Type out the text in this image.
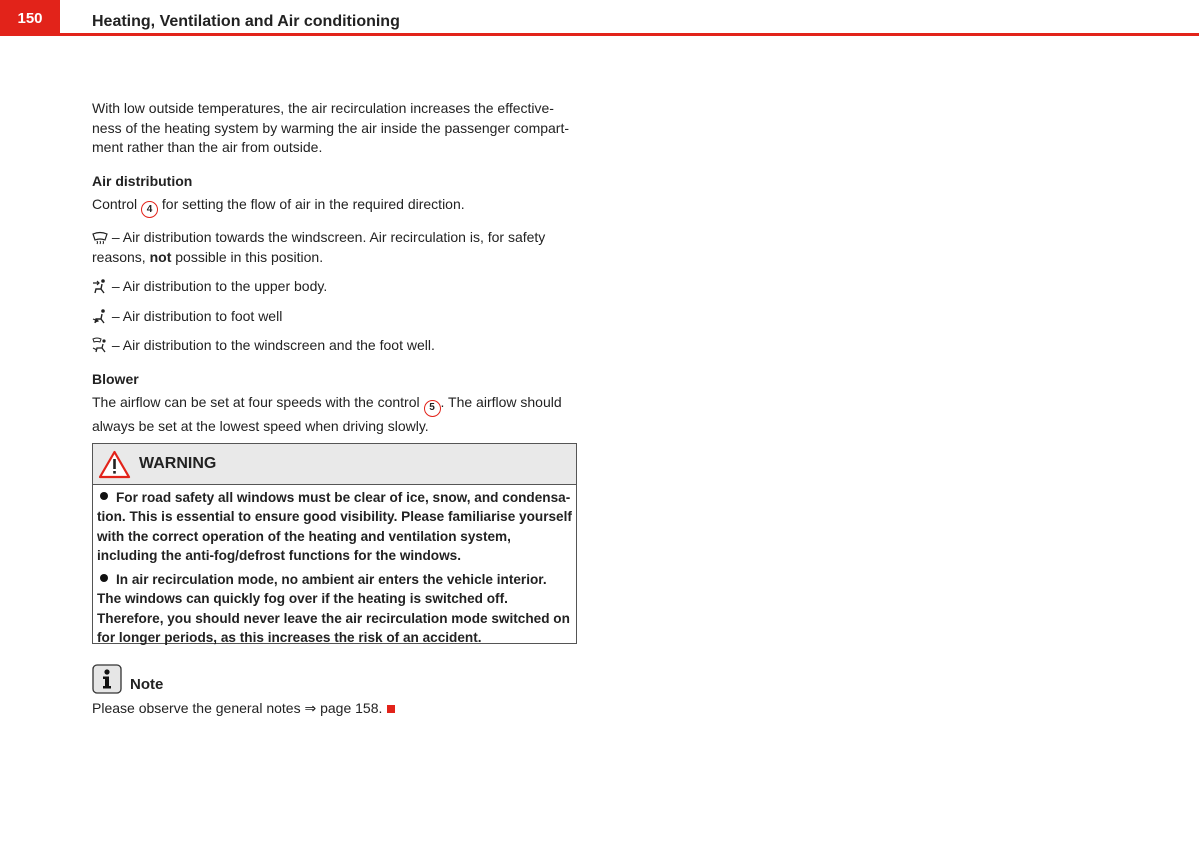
150	Heating, Ventilation and Air conditioning

With low outside temperatures, the air recirculation increases the effectiveness of the heating system by warming the air inside the passenger compartment rather than the air from outside.

Air distribution

Control 4 for setting the flow of air in the required direction.

– Air distribution towards the windscreen. Air recirculation is, for safety reasons, not possible in this position.

– Air distribution to the upper body.

– Air distribution to foot well

– Air distribution to the windscreen and the foot well.

Blower

The airflow can be set at four speeds with the control 5 . The airflow should always be set at the lowest speed when driving slowly.

WARNING

For road safety all windows must be clear of ice, snow, and condensation. This is essential to ensure good visibility. Please familiarise yourself with the correct operation of the heating and ventilation system, including the anti-fog/defrost functions for the windows.

In air recirculation mode, no ambient air enters the vehicle interior. The windows can quickly fog over if the heating is switched off. Therefore, you should never leave the air recirculation mode switched on for longer periods, as this increases the risk of an accident.

Note
Please observe the general notes ⇒ page 158.
